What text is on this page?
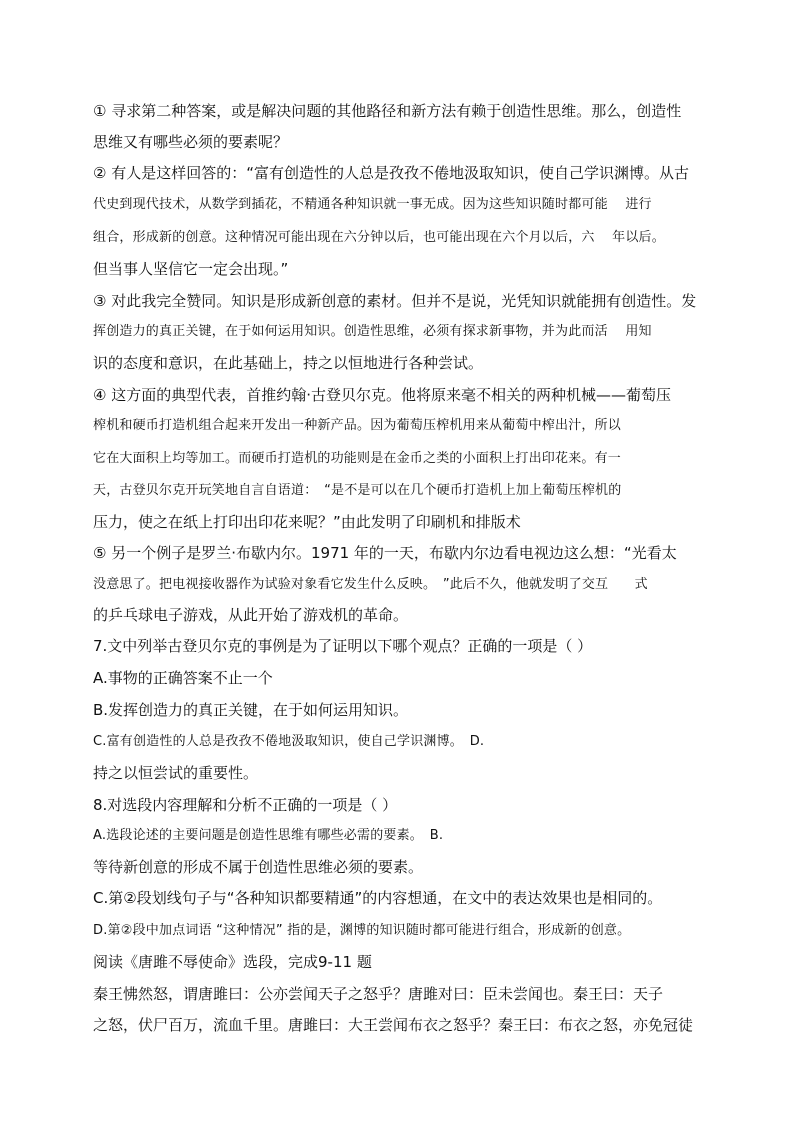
① 寻求第二种答案，或是解决问题的其他路径和新方法有赖于创造性思维。那么，创造性
思维又有哪些必须的要素呢？
② 有人是这样回答的：“富有创造性的人总是孜孜不倦地汲取知识，使自己学识渊博。从古
代史到现代技术，从数学到插花，不精通各种知识就一事无成。因为这些知识随时都可能　 进行
组合，形成新的创意。这种情况可能出现在六分钟以后，也可能出现在六个月以后，六　 年以后。
但当事人坚信它一定会出现。”
③ 对此我完全赞同。知识是形成新创意的素材。但并不是说，光凭知识就能拥有创造性。发
挥创造力的真正关键，在于如何运用知识。创造性思维，必须有探求新事物，并为此而活　 用知
识的态度和意识，在此基础上，持之以恒地进行各种尝试。
④ 这方面的典型代表，首推约翰·古登贝尔克。他将原来毫不相关的两种机械——葡萄压
榨机和硬币打造机组合起来开发出一种新产品。因为葡萄压榨机用来从葡萄中榨出汁，所以
它在大面积上均等加工。而硬币打造机的功能则是在金币之类的小面积上打出印花来。有一
天，古登贝尔克开玩笑地自言自语道：　“是不是可以在几个硬币打造机上加上葡萄压榨机的
压力，使之在纸上打印出印花来呢？”由此发明了印刷机和排版术
⑤ 另一个例子是罗兰·布歇内尔。1971 年的一天，布歇内尔边看电视边这么想：“光看太
没意思了。把电视接收器作为试验对象看它发生什么反映。　”此后不久，他就发明了交互　　式
的乒乓球电子游戏，从此开始了游戏机的革命。
7.文中列举古登贝尔克的事例是为了证明以下哪个观点？正确的一项是（ ）
A.事物的正确答案不止一个
B.发挥创造力的真正关键，在于如何运用知识。
C.富有创造性的人总是孜孜不倦地汲取知识，使自己学识渊博。　D.
持之以恒尝试的重要性。
8.对选段内容理解和分析不正确的一项是（ ）
A.选段论述的主要问题是创造性思维有哪些必需的要素。　B.
等待新创意的形成不属于创造性思维必须的要素。
C.第②段划线句子与“各种知识都要精通”的内容想通，在文中的表达效果也是相同的。
D.第②段中加点词语 “这种情况” 指的是，渊博的知识随时都可能进行组合，形成新的创意。
阅读《唐雎不辱使命》选段，完成9-11 题
秦王怫然怒，谓唐雎曰：公亦尝闻天子之怒乎？唐雎对曰：臣未尝闻也。秦王曰：天子
之怒，伏尸百万，流血千里。唐雎曰：大王尝闻布衣之怒乎？秦王曰：布衣之怒，亦免冠徒
